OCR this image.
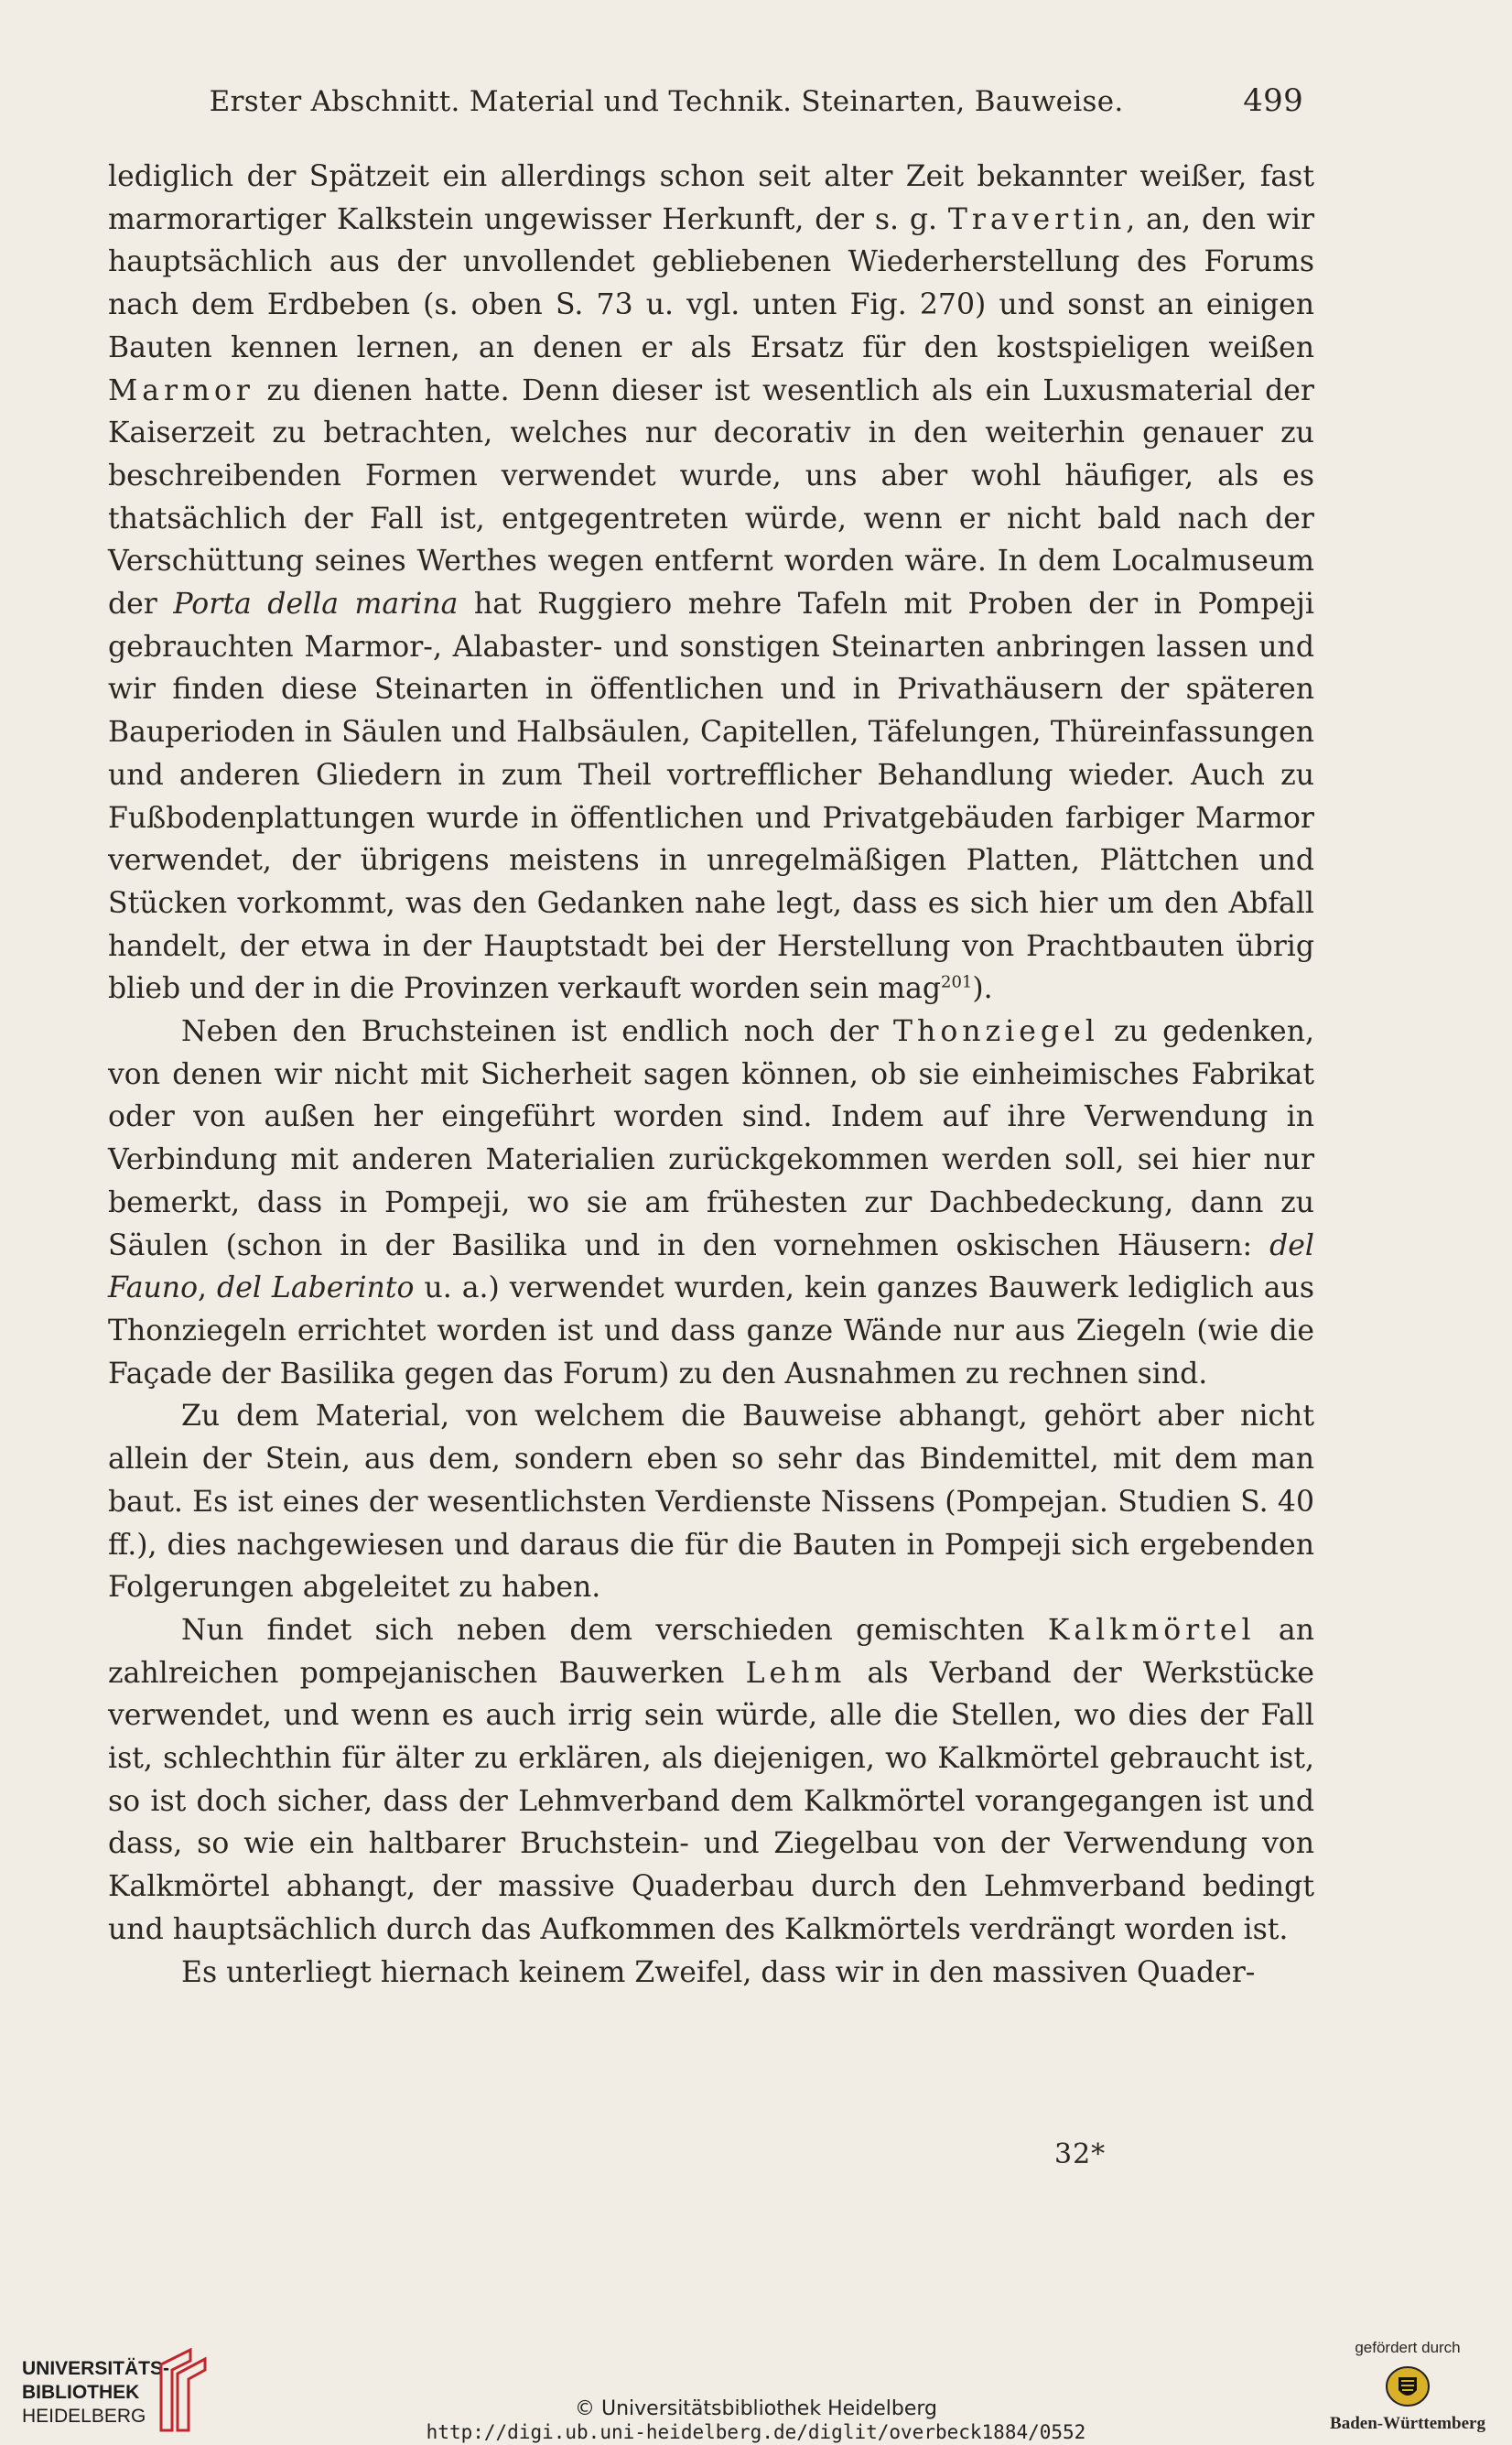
Erster Abschnitt. Material und Technik. Steinarten, Bauweise.	499

lediglich der Spätzeit ein allerdings schon seit alter Zeit bekannter weißer, fast marmorartiger Kalkstein ungewisser Herkunft, der s. g. Travertin, an, den wir hauptsächlich aus der unvollendet gebliebenen Wiederherstellung des Forums nach dem Erdbeben (s. oben S. 73 u. vgl. unten Fig. 270) und sonst an einigen Bauten kennen lernen, an denen er als Ersatz für den kostspieligen weißen Marmor zu dienen hatte. Denn dieser ist wesentlich als ein Luxusmaterial der Kaiserzeit zu betrachten, welches nur decorativ in den weiterhin genauer zu beschreibenden Formen verwendet wurde, uns aber wohl häufiger, als es thatsächlich der Fall ist, entgegentreten würde, wenn er nicht bald nach der Verschüttung seines Werthes wegen entfernt worden wäre. In dem Localmuseum der Porta della marina hat Ruggiero mehre Tafeln mit Proben der in Pompeji gebrauchten Marmor-, Alabaster- und sonstigen Steinarten anbringen lassen und wir finden diese Steinarten in öffentlichen und in Privathäusern der späteren Bauperioden in Säulen und Halbsäulen, Capitellen, Täfelungen, Thüreinfassungen und anderen Gliedern in zum Theil vortrefflicher Behandlung wieder. Auch zu Fußbodenplattungen wurde in öffentlichen und Privatgebäuden farbiger Marmor verwendet, der übrigens meistens in unregelmäßigen Platten, Plättchen und Stücken vorkommt, was den Gedanken nahe legt, dass es sich hier um den Abfall handelt, der etwa in der Hauptstadt bei der Herstellung von Prachtbauten übrig blieb und der in die Provinzen verkauft worden sein mag$^{201}$).

Neben den Bruchsteinen ist endlich noch der Thonziegel zu gedenken, von denen wir nicht mit Sicherheit sagen können, ob sie einheimisches Fabrikat oder von außen her eingeführt worden sind. Indem auf ihre Verwendung in Verbindung mit anderen Materialien zurückgekommen werden soll, sei hier nur bemerkt, dass in Pompeji, wo sie am frühesten zur Dachbedeckung, dann zu Säulen (schon in der Basilika und in den vornehmen oskischen Häusern: del Fauno, del Laberinto u. a.) verwendet wurden, kein ganzes Bauwerk lediglich aus Thonziegeln errichtet worden ist und dass ganze Wände nur aus Ziegeln (wie die Façade der Basilika gegen das Forum) zu den Ausnahmen zu rechnen sind.

Zu dem Material, von welchem die Bauweise abhangt, gehört aber nicht allein der Stein, aus dem, sondern eben so sehr das Bindemittel, mit dem man baut. Es ist eines der wesentlichsten Verdienste Nissens (Pompejan. Studien S. 40 ff.), dies nachgewiesen und daraus die für die Bauten in Pompeji sich ergebenden Folgerungen abgeleitet zu haben.

Nun findet sich neben dem verschieden gemischten Kalkmörtel an zahlreichen pompejanischen Bauwerken Lehm als Verband der Werkstücke verwendet, und wenn es auch irrig sein würde, alle die Stellen, wo dies der Fall ist, schlechthin für älter zu erklären, als diejenigen, wo Kalkmörtel gebraucht ist, so ist doch sicher, dass der Lehmverband dem Kalkmörtel vorangegangen ist und dass, so wie ein haltbarer Bruchstein- und Ziegelbau von der Verwendung von Kalkmörtel abhangt, der massive Quaderbau durch den Lehmverband bedingt und hauptsächlich durch das Aufkommen des Kalkmörtels verdrängt worden ist.

Es unterliegt hiernach keinem Zweifel, dass wir in den massiven Quader-

32*
UNIVERSITÄTS-
BIBLIOTHEK
HEIDELBERG	© Universitätsbibliothek Heidelberg
http://digi.ub.uni-heidelberg.de/diglit/overbeck1884/0552
gefördert durch
Baden-Württemberg
